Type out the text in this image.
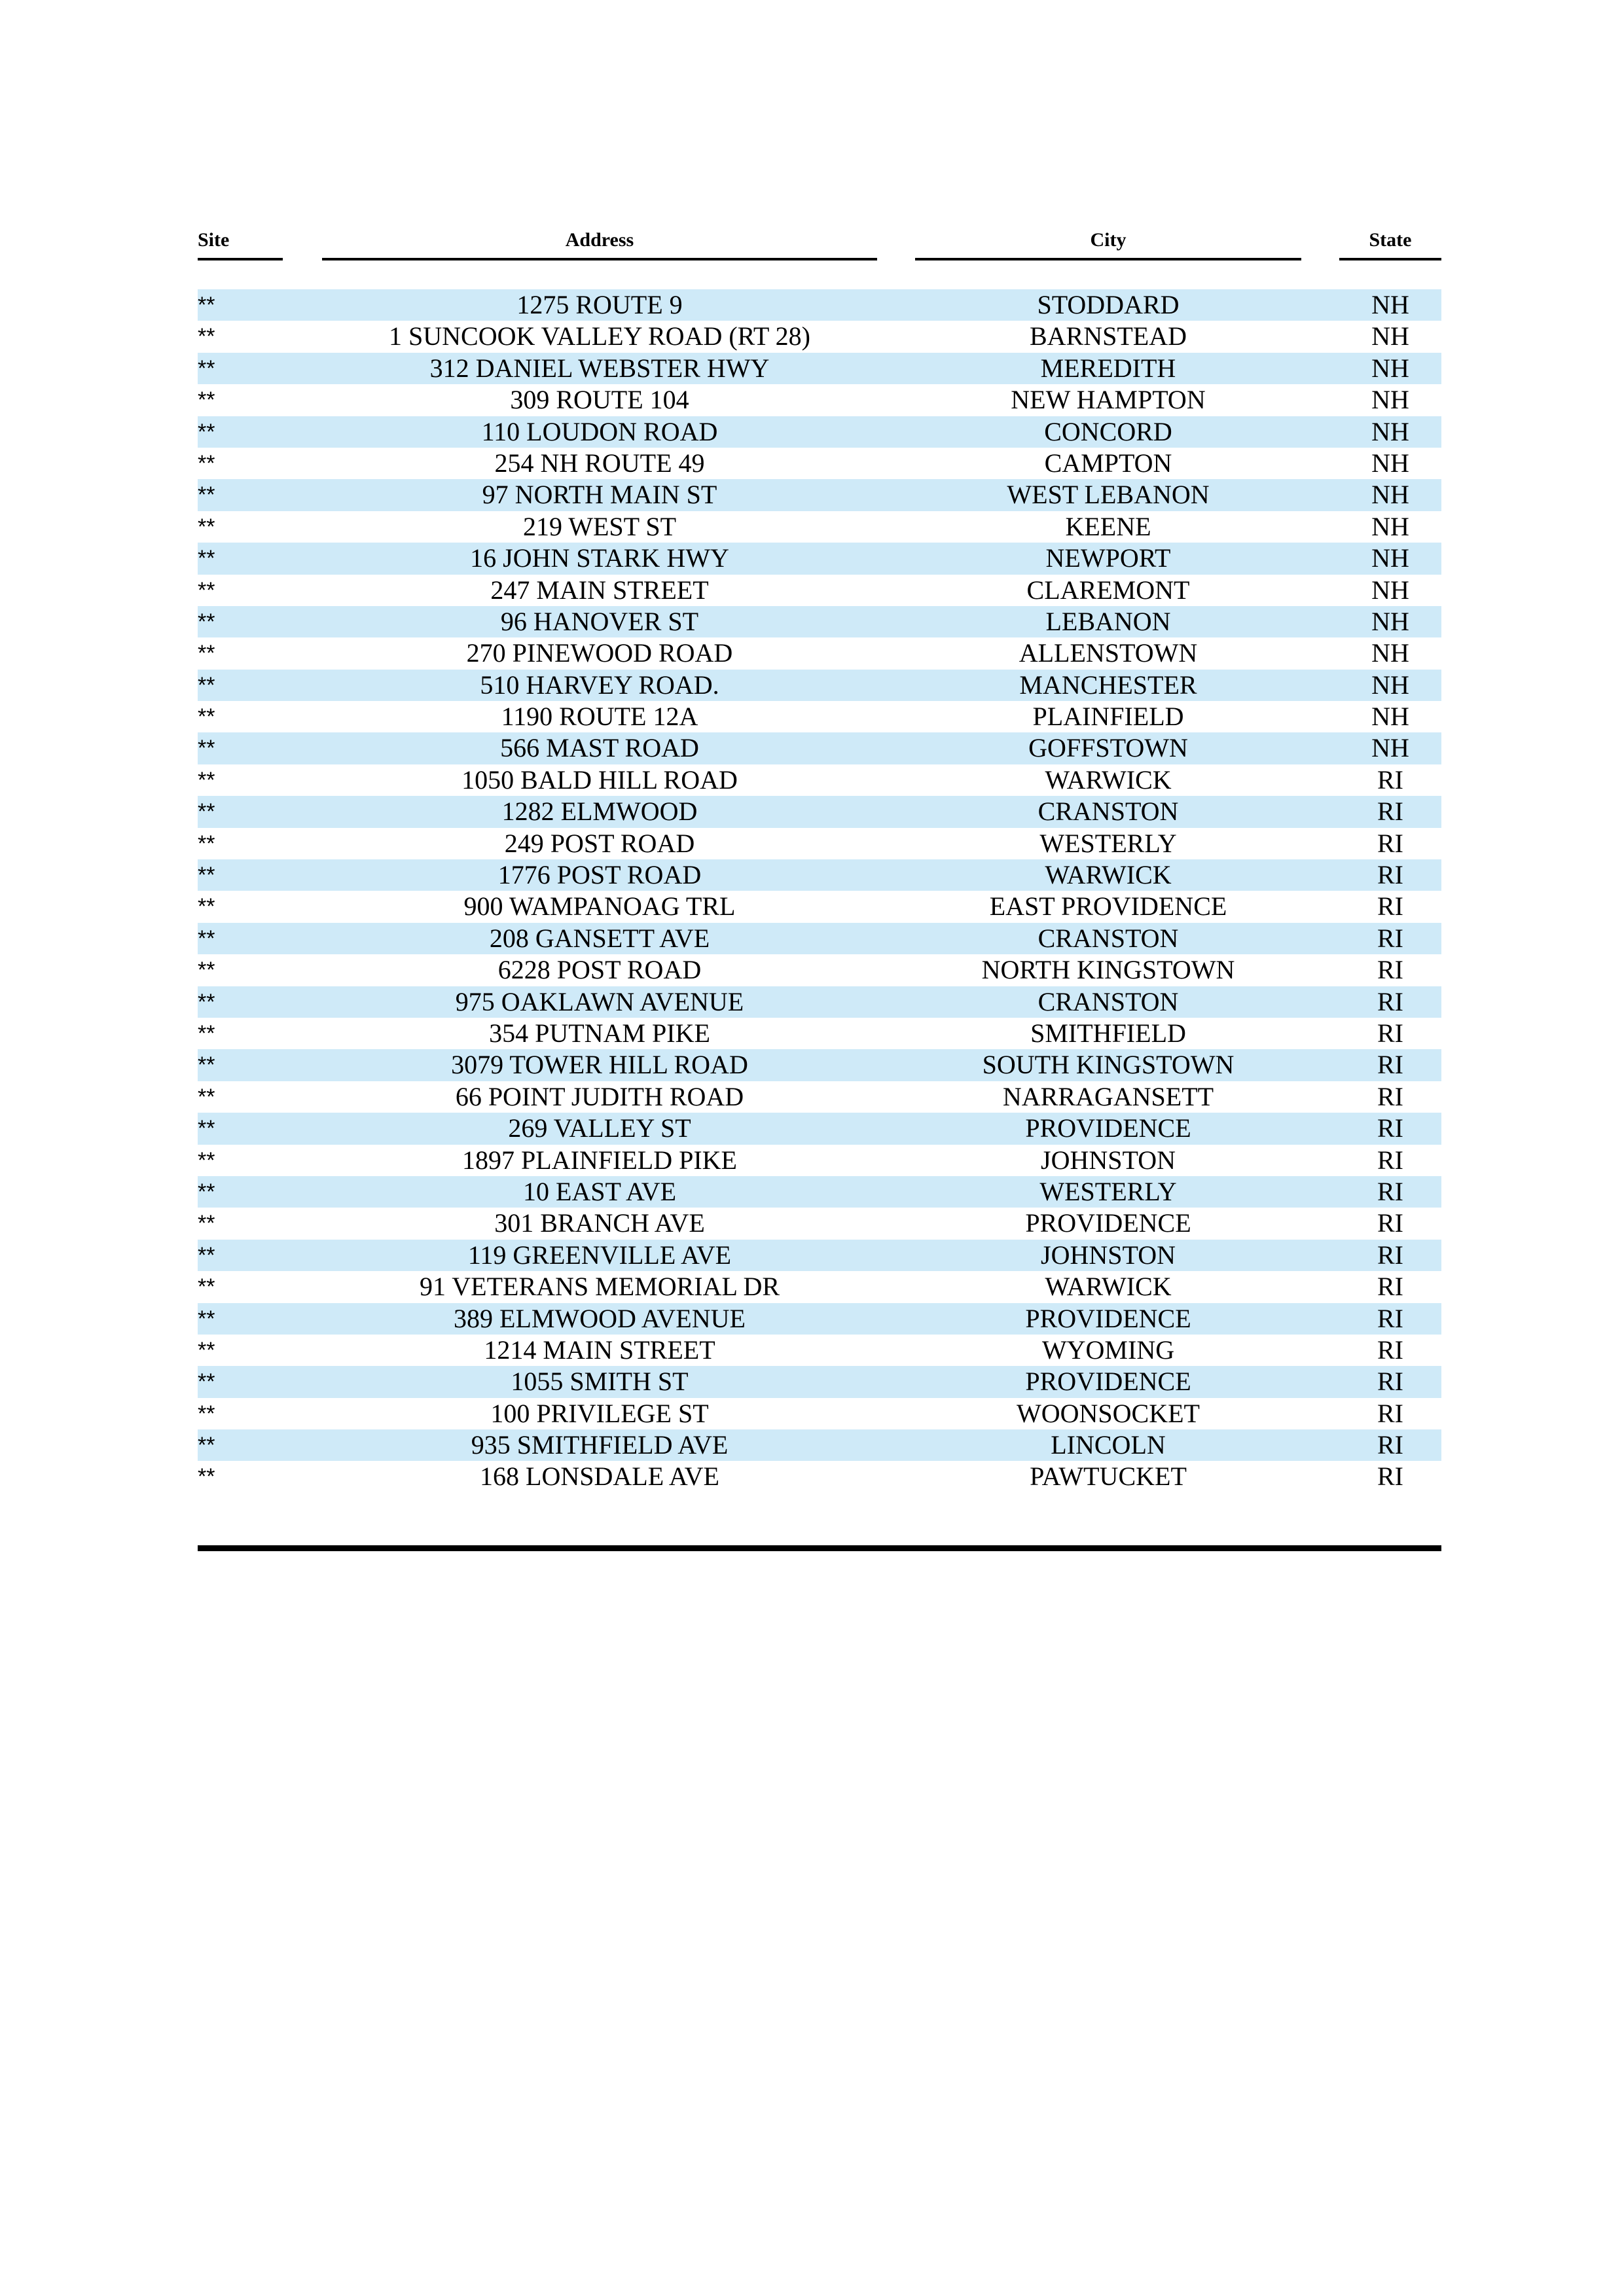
Site	Address	City	State
**	1275 ROUTE 9	STODDARD	NH
**	1 SUNCOOK VALLEY ROAD (RT 28)	BARNSTEAD	NH
**	312 DANIEL WEBSTER HWY	MEREDITH	NH
**	309 ROUTE 104	NEW HAMPTON	NH
**	110 LOUDON ROAD	CONCORD	NH
**	254 NH ROUTE 49	CAMPTON	NH
**	97 NORTH MAIN ST	WEST LEBANON	NH
**	219 WEST ST	KEENE	NH
**	16 JOHN STARK HWY	NEWPORT	NH
**	247 MAIN STREET	CLAREMONT	NH
**	96 HANOVER ST	LEBANON	NH
**	270 PINEWOOD ROAD	ALLENSTOWN	NH
**	510 HARVEY ROAD.	MANCHESTER	NH
**	1190 ROUTE 12A	PLAINFIELD	NH
**	566 MAST ROAD	GOFFSTOWN	NH
**	1050 BALD HILL ROAD	WARWICK	RI
**	1282 ELMWOOD	CRANSTON	RI
**	249 POST ROAD	WESTERLY	RI
**	1776 POST ROAD	WARWICK	RI
**	900 WAMPANOAG TRL	EAST PROVIDENCE	RI
**	208 GANSETT AVE	CRANSTON	RI
**	6228 POST ROAD	NORTH KINGSTOWN	RI
**	975 OAKLAWN AVENUE	CRANSTON	RI
**	354 PUTNAM PIKE	SMITHFIELD	RI
**	3079 TOWER HILL ROAD	SOUTH KINGSTOWN	RI
**	66 POINT JUDITH ROAD	NARRAGANSETT	RI
**	269 VALLEY ST	PROVIDENCE	RI
**	1897 PLAINFIELD PIKE	JOHNSTON	RI
**	10 EAST AVE	WESTERLY	RI
**	301 BRANCH AVE	PROVIDENCE	RI
**	119 GREENVILLE AVE	JOHNSTON	RI
**	91 VETERANS MEMORIAL DR	WARWICK	RI
**	389 ELMWOOD AVENUE	PROVIDENCE	RI
**	1214 MAIN STREET	WYOMING	RI
**	1055 SMITH ST	PROVIDENCE	RI
**	100 PRIVILEGE ST	WOONSOCKET	RI
**	935 SMITHFIELD AVE	LINCOLN	RI
**	168 LONSDALE AVE	PAWTUCKET	RI
